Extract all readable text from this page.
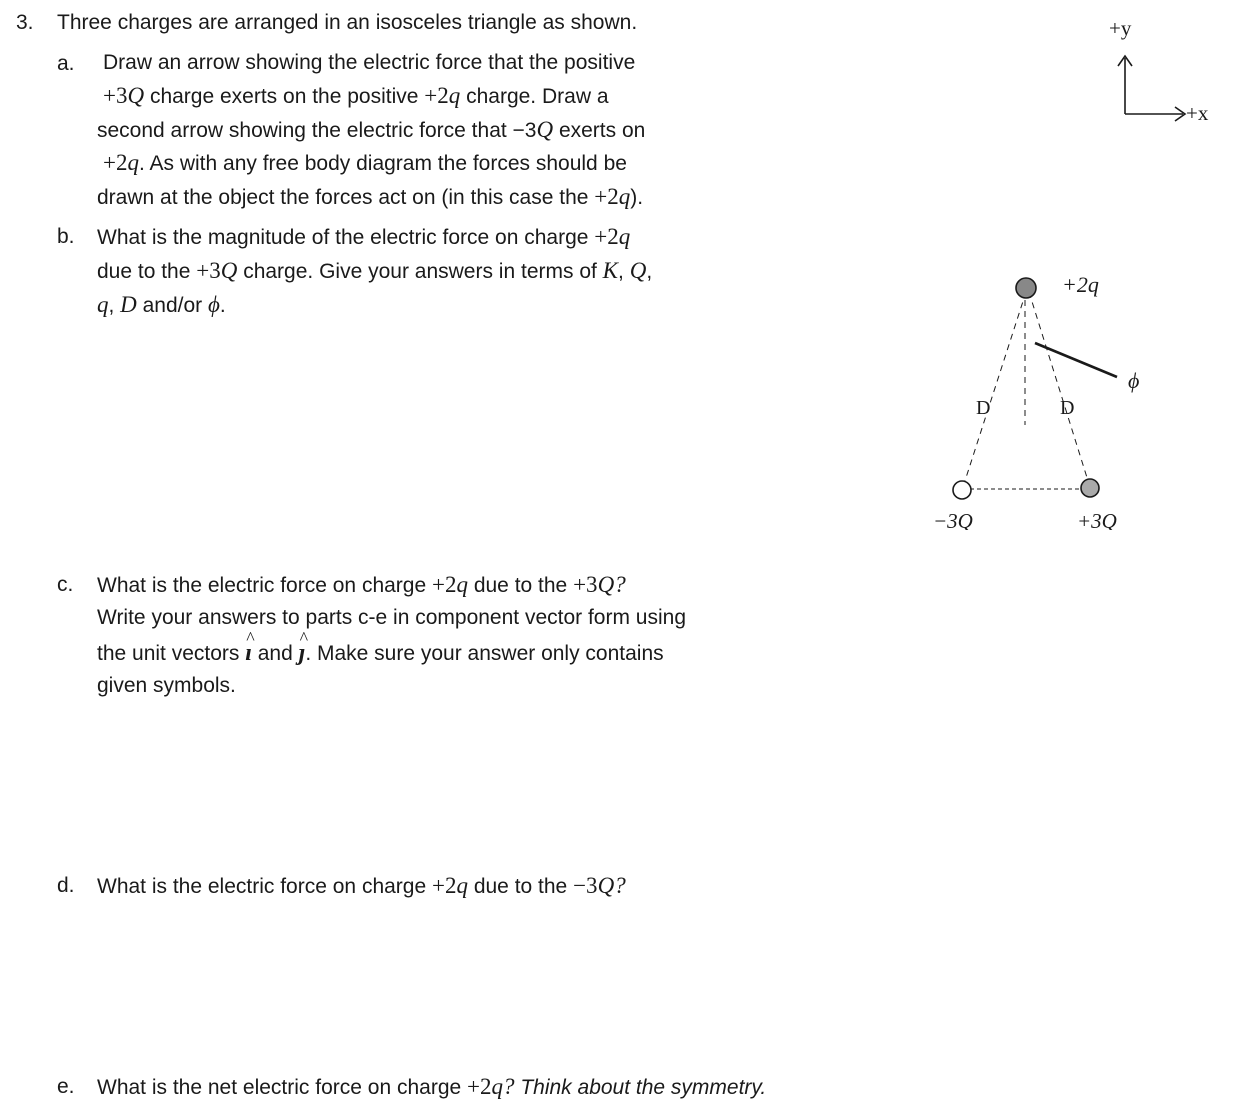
3. Three charges are arranged in an isosceles triangle as shown.
a. Draw an arrow showing the electric force that the positive
+3Q charge exerts on the positive +2q charge. Draw a
second arrow showing the electric force that −3Q exerts on
+2q. As with any free body diagram the forces should be
drawn at the object the forces act on (in this case the +2q).
b. What is the magnitude of the electric force on charge +2q
due to the +3Q charge. Give your answers in terms of K, Q,
q, D and/or ϕ.
c. What is the electric force on charge +2q due to the +3Q?
Write your answers to parts c-e in component vector form using
the unit vectors ^ ı and ^ ȷ. Make sure your answer only contains
given symbols.
d. What is the electric force on charge +2q due to the −3Q?
e. What is the net electric force on charge +2q? Think about the symmetry.
+y
+x
+2q
D	D
ϕ
−3Q	+3Q
